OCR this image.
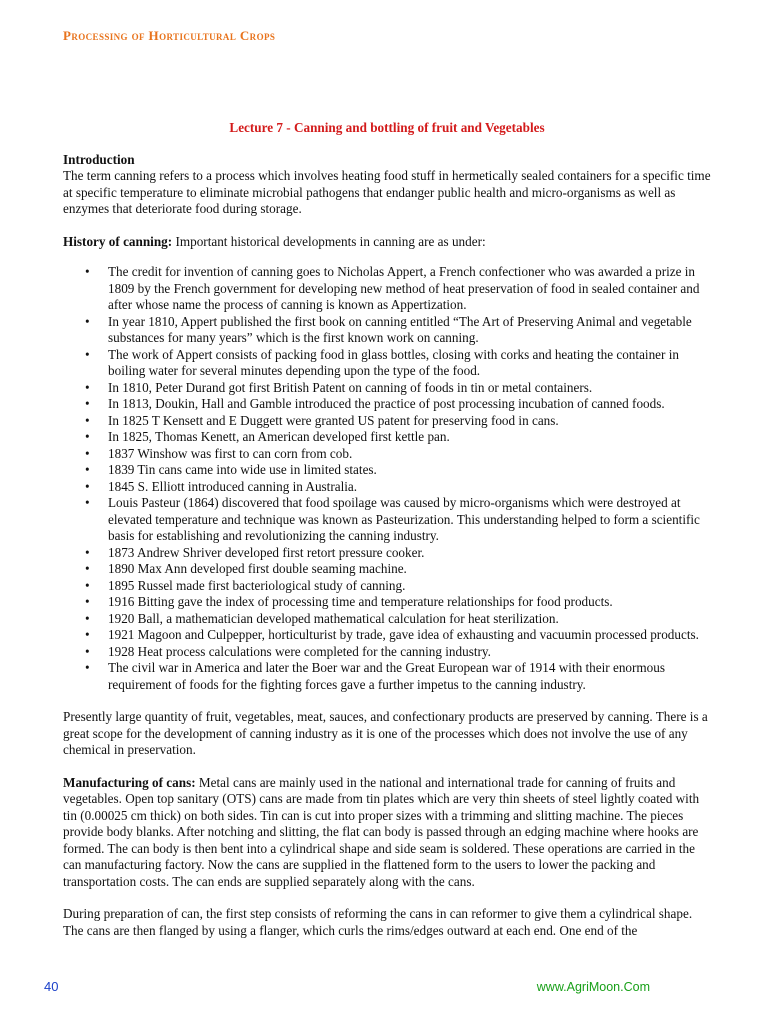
Processing of Horticultural Crops
Lecture 7 - Canning and bottling of fruit and Vegetables

Introduction

The term canning refers to a process which involves heating food stuff in hermetically sealed containers for a specific time at specific temperature to eliminate microbial pathogens that endanger public health and micro-organisms as well as enzymes that deteriorate food during storage.

History of canning: Important historical developments in canning are as under:

• The credit for invention of canning goes to Nicholas Appert, a French confectioner who was awarded a prize in 1809 by the French government for developing new method of heat preservation of food in sealed container and after whose name the process of canning is known as Appertization.
• In year 1810, Appert published the first book on canning entitled “The Art of Preserving Animal and vegetable substances for many years” which is the first known work on canning.
• The work of Appert consists of packing food in glass bottles, closing with corks and heating the container in boiling water for several minutes depending upon the type of the food.
• In 1810, Peter Durand got first British Patent on canning of foods in tin or metal containers.
• In 1813, Doukin, Hall and Gamble introduced the practice of post processing incubation of canned foods.
• In 1825 T Kensett and E Duggett were granted US patent for preserving food in cans.
• In 1825, Thomas Kenett, an American developed first kettle pan.
• 1837 Winshow was first to can corn from cob.
• 1839 Tin cans came into wide use in limited states.
• 1845 S. Elliott introduced canning in Australia.
• Louis Pasteur (1864) discovered that food spoilage was caused by micro-organisms which were destroyed at elevated temperature and technique was known as Pasteurization. This understanding helped to form a scientific basis for establishing and revolutionizing the canning industry.
• 1873 Andrew Shriver developed first retort pressure cooker.
• 1890 Max Ann developed first double seaming machine.
• 1895 Russel made first bacteriological study of canning.
• 1916 Bitting gave the index of processing time and temperature relationships for food products.
• 1920 Ball, a mathematician developed mathematical calculation for heat sterilization.
• 1921 Magoon and Culpepper, horticulturist by trade, gave idea of exhausting and vacuumin processed products.
• 1928 Heat process calculations were completed for the canning industry.
• The civil war in America and later the Boer war and the Great European war of 1914 with their enormous requirement of foods for the fighting forces gave a further impetus to the canning industry.

Presently large quantity of fruit, vegetables, meat, sauces, and confectionary products are preserved by canning. There is a great scope for the development of canning industry as it is one of the processes which does not involve the use of any chemical in preservation.

Manufacturing of cans: Metal cans are mainly used in the national and international trade for canning of fruits and vegetables. Open top sanitary (OTS) cans are made from tin plates which are very thin sheets of steel lightly coated with tin (0.00025 cm thick) on both sides. Tin can is cut into proper sizes with a trimming and slitting machine. The pieces provide body blanks. After notching and slitting, the flat can body is passed through an edging machine where hooks are formed. The can body is then bent into a cylindrical shape and side seam is soldered. These operations are carried in the can manufacturing factory. Now the cans are supplied in the flattened form to the users to lower the packing and transportation costs. The can ends are supplied separately along with the cans.

During preparation of can, the first step consists of reforming the cans in can reformer to give them a cylindrical shape. The cans are then flanged by using a flanger, which curls the rims/edges outward at each end. One end of the

40	www.AgriMoon.Com
